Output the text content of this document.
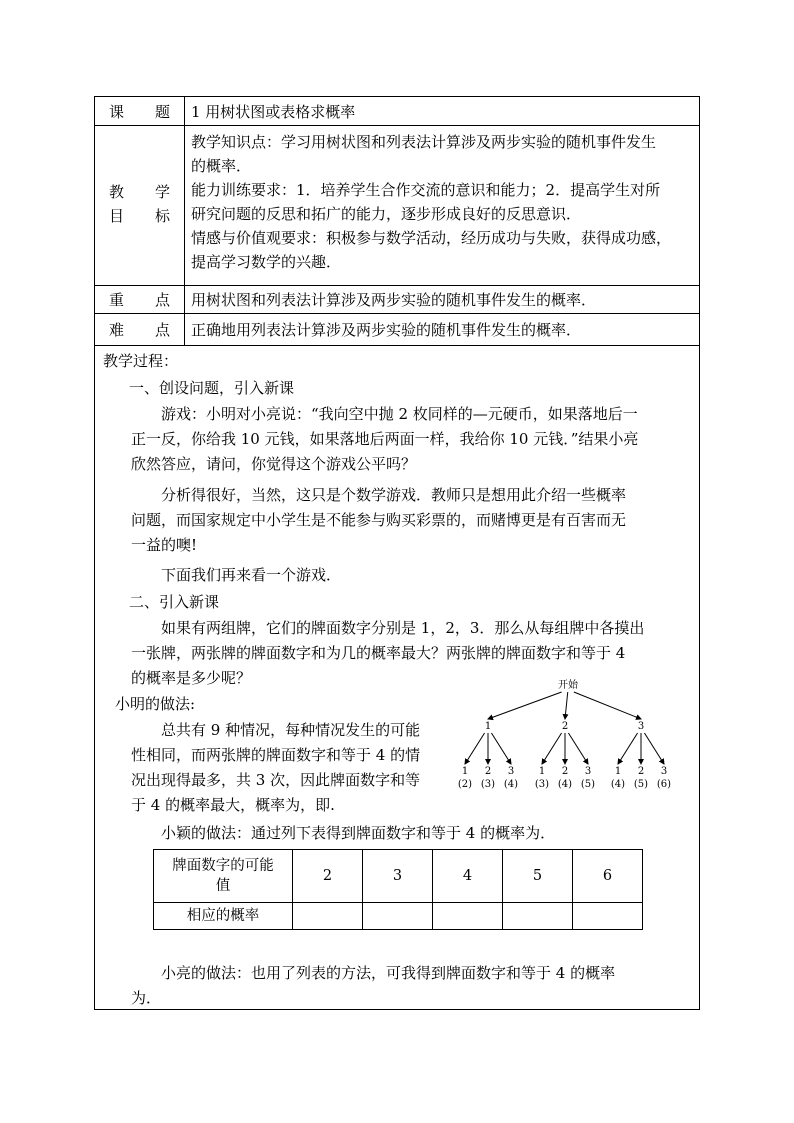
课 题 1 用树状图或表格求概率
教 学
目 标
教学知识点：学习用树状图和列表法计算涉及两步实验的随机事件发生
的概率．
能力训练要求：1．培养学生合作交流的意识和能力；2．提高学生对所
研究问题的反思和拓广的能力，逐步形成良好的反思意识．
情感与价值观要求：积极参与数学活动，经历成功与失败，获得成功感，
提高学习数学的兴趣．
重 点 用树状图和列表法计算涉及两步实验的随机事件发生的概率．
难 点 正确地用列表法计算涉及两步实验的随机事件发生的概率．
教学过程：
一、创设问题，引入新课
游戏：小明对小亮说：“我向空中抛 2 枚同样的—元硬币，如果落地后一
正一反，你给我 10 元钱，如果落地后两面一样，我给你 10 元钱．”结果小亮
欣然答应，请问，你觉得这个游戏公平吗？
分析得很好，当然，这只是个数学游戏．教师只是想用此介绍一些概率
问题，而国家规定中小学生是不能参与购买彩票的，而赌博更是有百害而无
一益的噢!
下面我们再来看一个游戏．
二、引入新课
如果有两组牌，它们的牌面数字分别是 1，2，3．那么从每组牌中各摸出
一张牌，两张牌的牌面数字和为几的概率最大？两张牌的牌面数字和等于 4
的概率是多少呢？
小明的做法:
总共有 9 种情况，每种情况发生的可能
性相同，而两张牌的牌面数字和等于 4 的情
况出现得最多，共 3 次，因此牌面数字和等
于 4 的概率最大，概率为，即.
小颖的做法：通过列下表得到牌面数字和等于 4 的概率为．
牌面数字的可能
值	2	3	4	5	6
相应的概率					
小亮的做法：也用了列表的方法，可我得到牌面数字和等于 4 的概率
为．
开始
1
1
(2)
2
(3)
3
(4)
2
1
(3)
2
(4)
3
(5)
3
1
(4)
2
(5)
3
(6)
